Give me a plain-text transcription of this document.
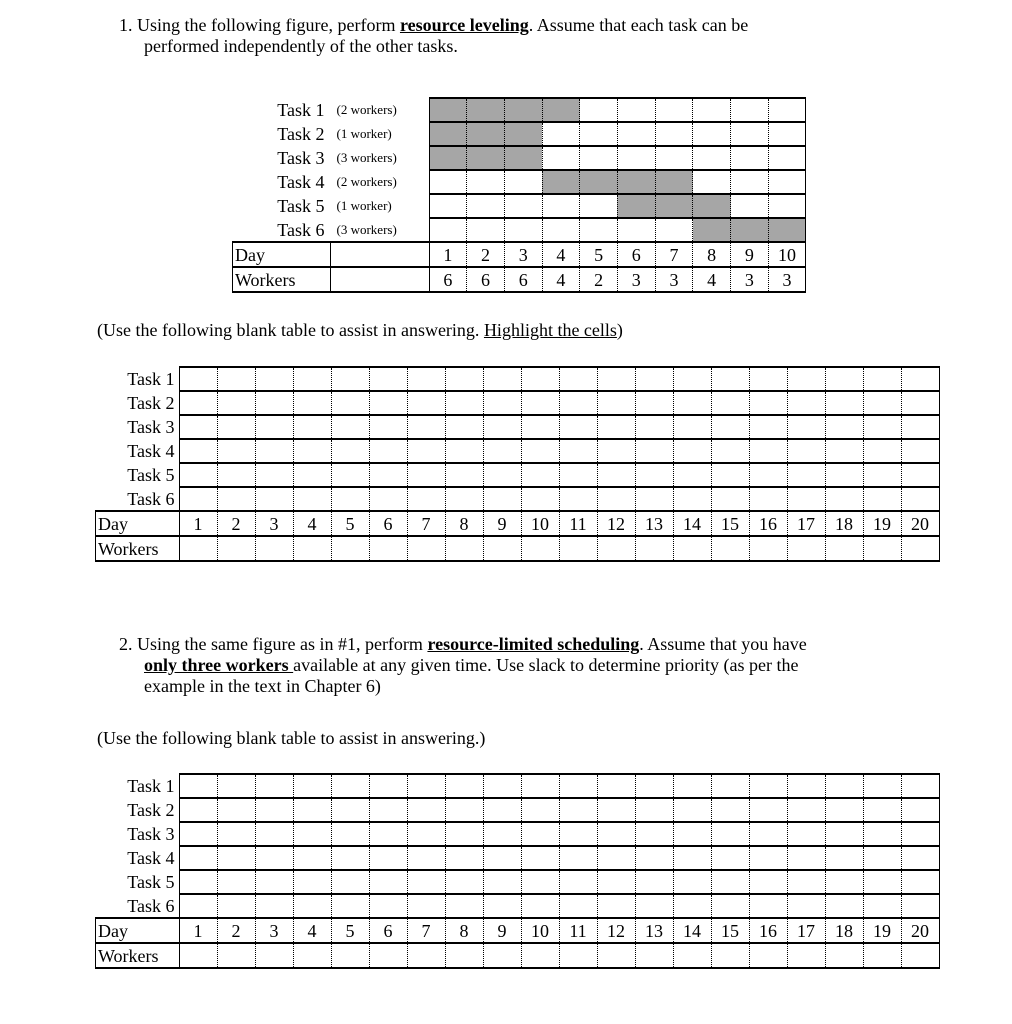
1. Using the following figure, perform resource leveling. Assume that each task can be
performed independently of the other tasks.
Task 1	(2 workers)										
Task 2	(1 worker)										
Task 3	(3 workers)										
Task 4	(2 workers)										
Task 5	(1 worker)										
Task 6	(3 workers)										
Day		1	2	3	4	5	6	7	8	9	10
Workers		6	6	6	4	2	3	3	4	3	3
(Use the following blank table to assist in answering. Highlight the cells)
Task 1																				
Task 2																				
Task 3																				
Task 4																				
Task 5																				
Task 6																				
Day	1	2	3	4	5	6	7	8	9	10	11	12	13	14	15	16	17	18	19	20
Workers																				
2. Using the same figure as in #1, perform resource-limited scheduling. Assume that you have
only three workers available at any given time. Use slack to determine priority (as per the
example in the text in Chapter 6)
(Use the following blank table to assist in answering.)
Task 1																				
Task 2																				
Task 3																				
Task 4																				
Task 5																				
Task 6																				
Day	1	2	3	4	5	6	7	8	9	10	11	12	13	14	15	16	17	18	19	20
Workers																				
